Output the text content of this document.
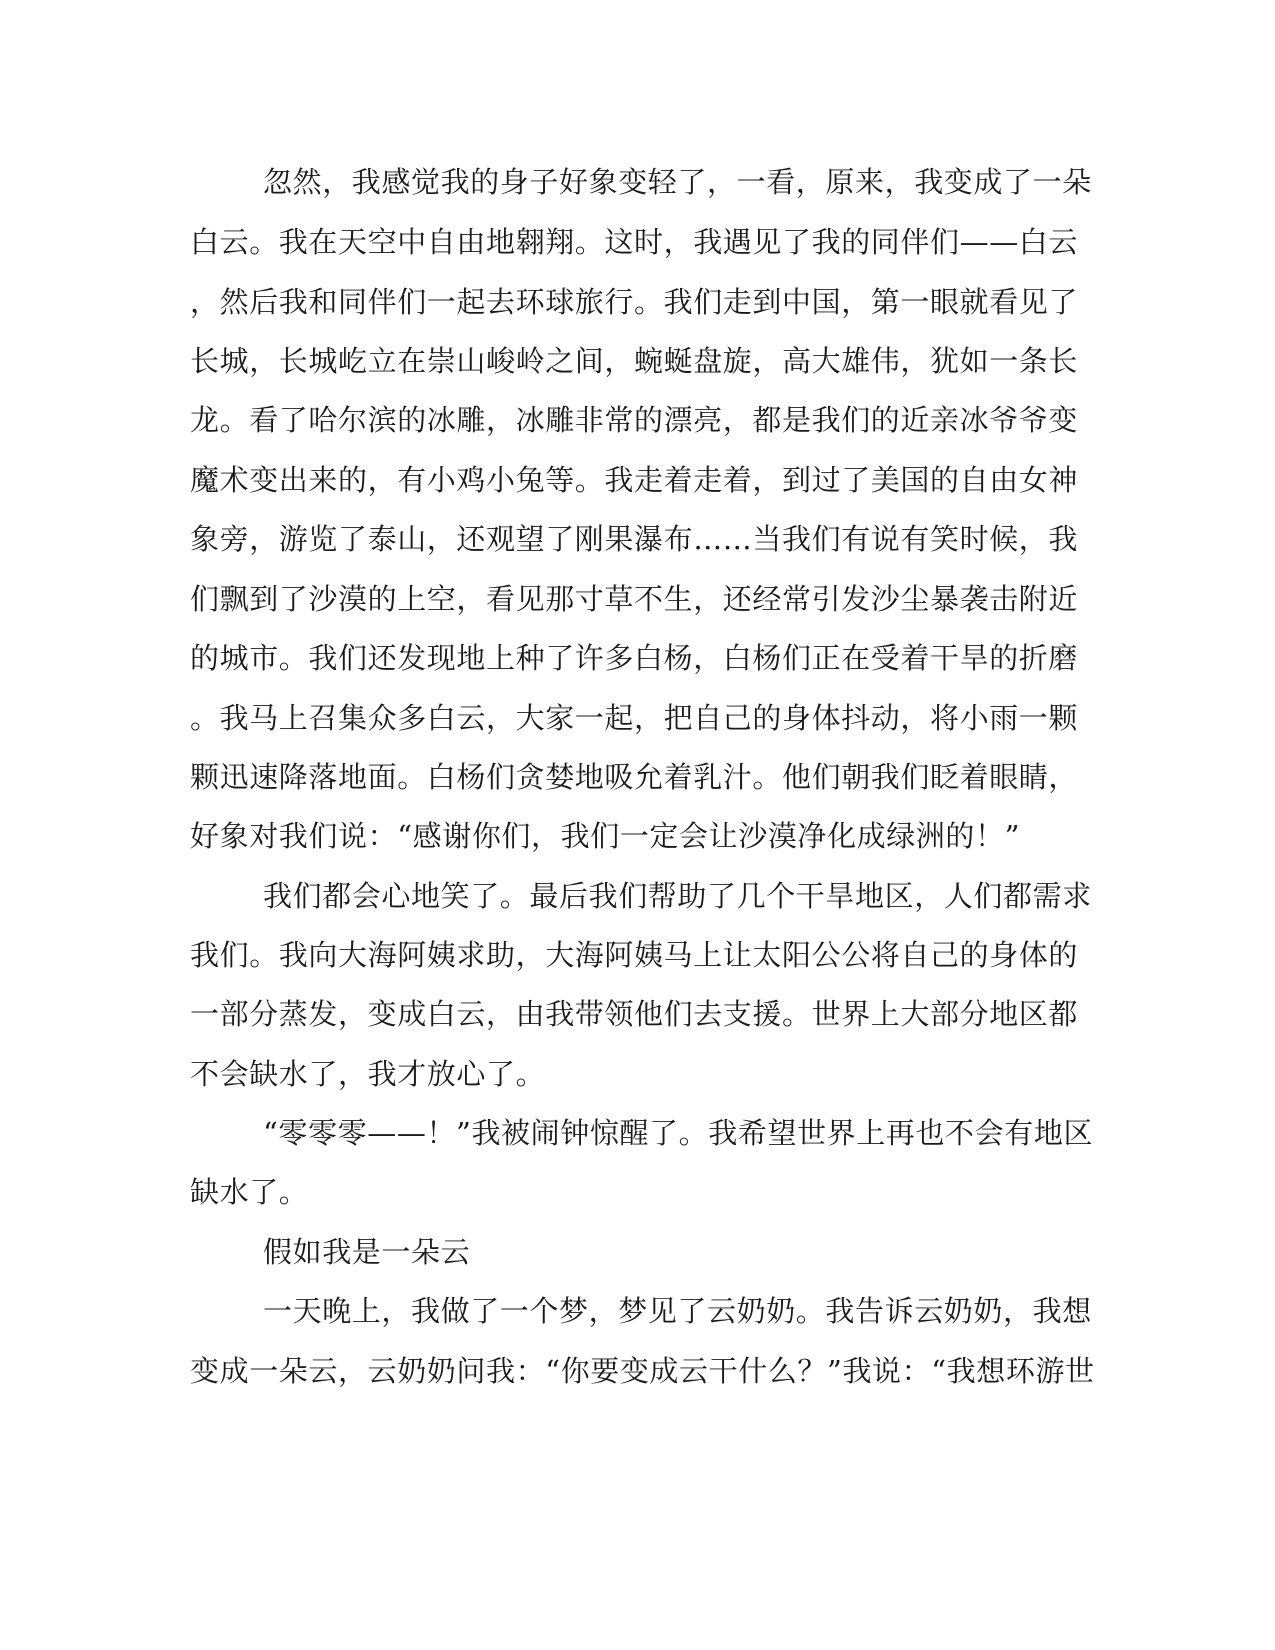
忽然，我感觉我的身子好象变轻了，一看，原来，我变成了一朵
白云。我在天空中自由地翱翔。这时，我遇见了我的同伴们——白云
，然后我和同伴们一起去环球旅行。我们走到中国，第一眼就看见了
长城，长城屹立在崇山峻岭之间，蜿蜒盘旋，高大雄伟，犹如一条长
龙。看了哈尔滨的冰雕，冰雕非常的漂亮，都是我们的近亲冰爷爷变
魔术变出来的，有小鸡小兔等。我走着走着，到过了美国的自由女神
象旁，游览了泰山，还观望了刚果瀑布……当我们有说有笑时候，我
们飘到了沙漠的上空，看见那寸草不生，还经常引发沙尘暴袭击附近
的城市。我们还发现地上种了许多白杨，白杨们正在受着干旱的折磨
。我马上召集众多白云，大家一起，把自己的身体抖动，将小雨一颗
颗迅速降落地面。白杨们贪婪地吸允着乳汁。他们朝我们眨着眼睛，
好象对我们说：“感谢你们，我们一定会让沙漠净化成绿洲的！”
我们都会心地笑了。最后我们帮助了几个干旱地区，人们都需求
我们。我向大海阿姨求助，大海阿姨马上让太阳公公将自己的身体的
一部分蒸发，变成白云，由我带领他们去支援。世界上大部分地区都
不会缺水了，我才放心了。
“零零零——！”我被闹钟惊醒了。我希望世界上再也不会有地区
缺水了。
假如我是一朵云
一天晚上，我做了一个梦，梦见了云奶奶。我告诉云奶奶，我想
变成一朵云，云奶奶问我：“你要变成云干什么？”我说：“我想环游世
